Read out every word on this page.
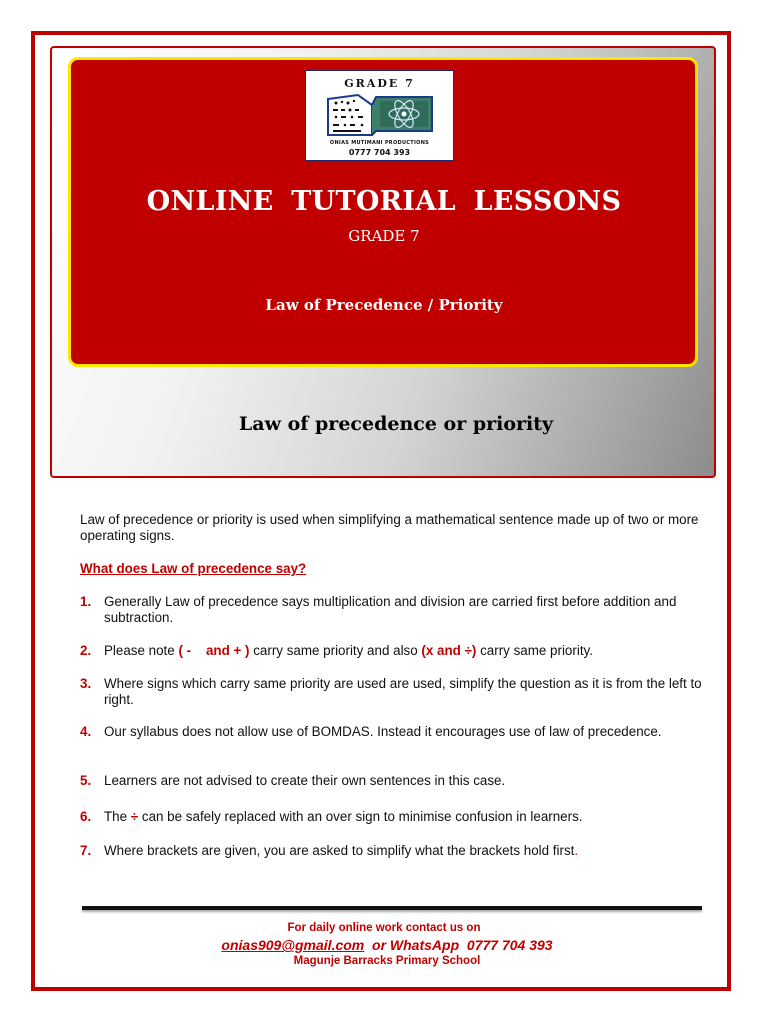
GRADE 7
ONIAS MUTIMANI PRODUCTIONS
0777 704 393
ONLINE TUTORIAL LESSONS
GRADE 7
Law of Precedence / Priority
Law of precedence or priority
Law of precedence or priority is used when simplifying a mathematical sentence made up of two or more operating signs.
What does Law of precedence say?
1. Generally Law of precedence says multiplication and division are carried first before addition and subtraction.
2. Please note ( -    and + ) carry same priority and also (x and ÷) carry same priority.
3. Where signs which carry same priority are used are used, simplify the question as it is from the left to right.
4. Our syllabus does not allow use of BOMDAS. Instead it encourages use of law of precedence.
5. Learners are not advised to create their own sentences in this case.
6. The ÷ can be safely replaced with an over sign to minimise confusion in learners.
7. Where brackets are given, you are asked to simplify what the brackets hold first.
For daily online work contact us on
onias909@gmail.com  or WhatsApp  0777 704 393
Magunje Barracks Primary School
